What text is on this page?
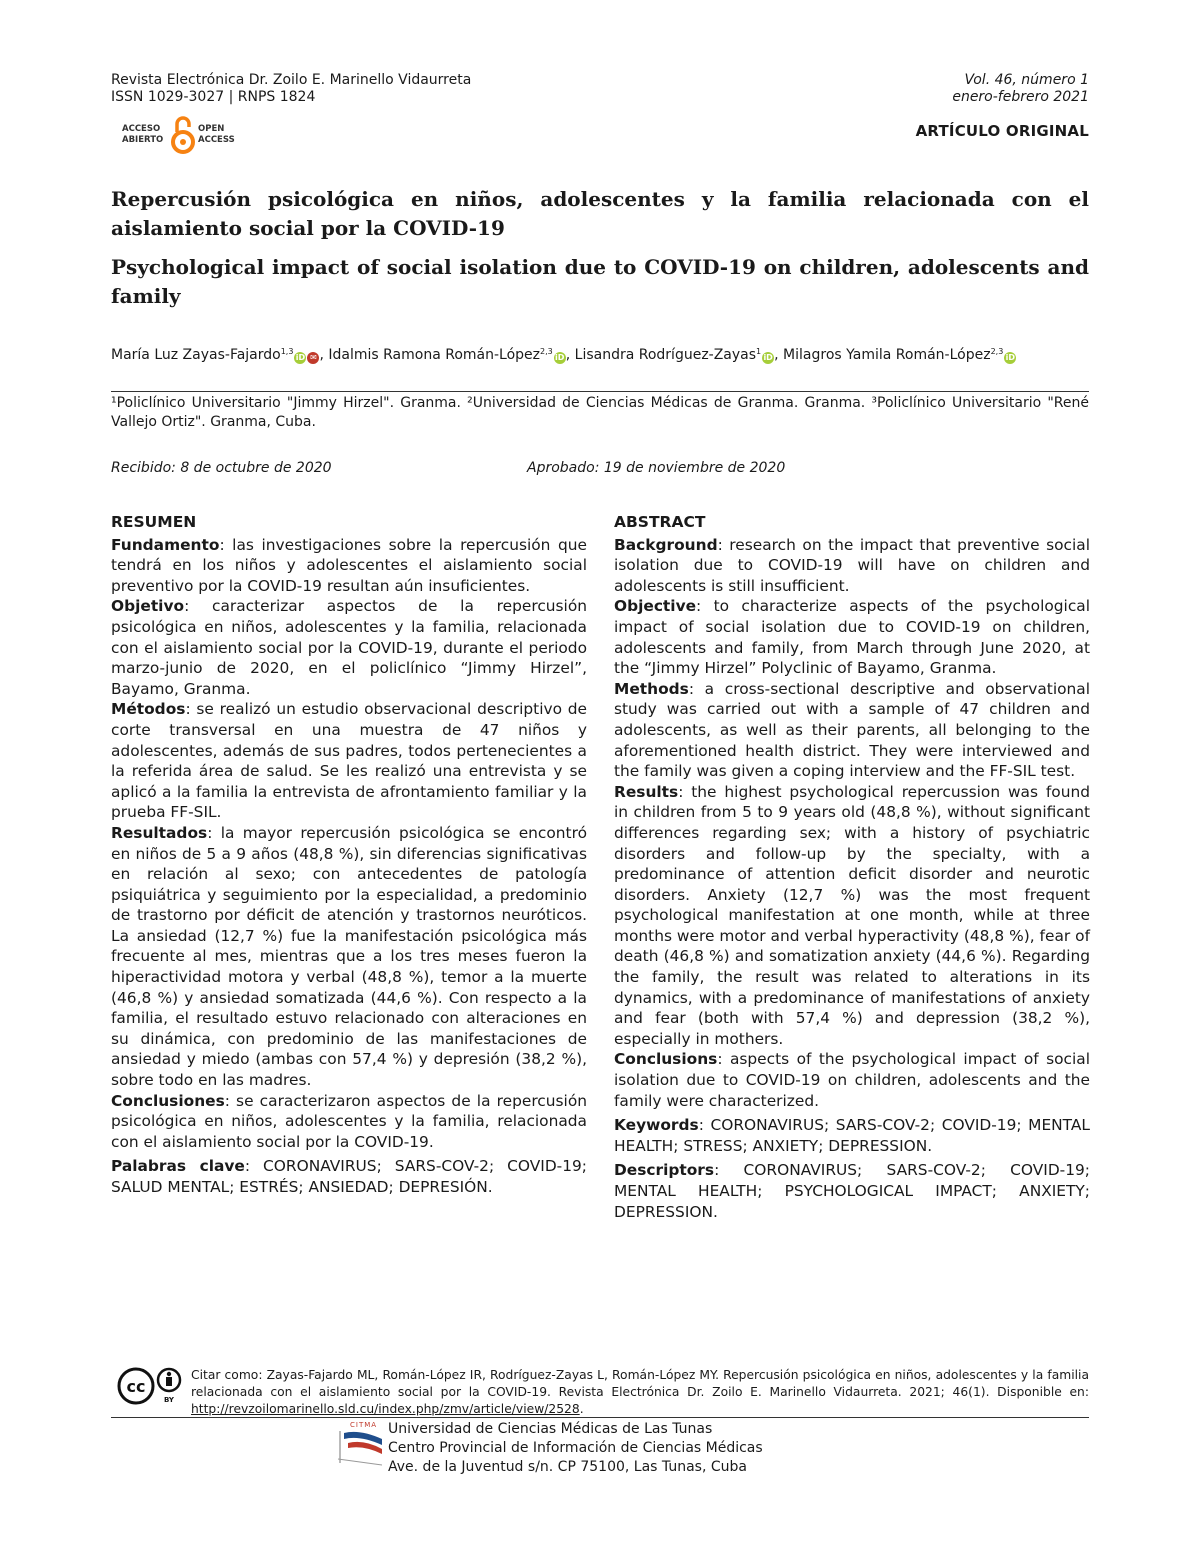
Revista Electrónica Dr. Zoilo E. Marinello Vidaurreta
ISSN 1029-3027 | RNPS 1824
Vol. 46, número 1
enero-febrero 2021
ACCESO
ABIERTO
OPEN
ACCESS	ARTÍCULO ORIGINAL
Repercusión psicológica en niños, adolescentes y la familia relacionada con el aislamiento social por la COVID-19
Psychological impact of social isolation due to COVID-19 on children, adolescents and family
María Luz Zayas-Fajardo$^{1,3}$iD ✉ , Idalmis Ramona Román-López$^{2,3}$iD, Lisandra Rodríguez-Zayas$^1$iD, Milagros Yamila Román-López$^{2,3}$iD
¹Policlínico Universitario "Jimmy Hirzel". Granma. ²Universidad de Ciencias Médicas de Granma. Granma. ³Policlínico Universitario "René Vallejo Ortiz". Granma, Cuba.
Recibido: 8 de octubre de 2020	Aprobado: 19 de noviembre de 2020
RESUMEN

Fundamento: las investigaciones sobre la repercusión que tendrá en los niños y adolescentes el aislamiento social preventivo por la COVID-19 resultan aún insuficientes.

Objetivo: caracterizar aspectos de la repercusión psicológica en niños, adolescentes y la familia, relacionada con el aislamiento social por la COVID-19, durante el periodo marzo-junio de 2020, en el policlínico “Jimmy Hirzel”, Bayamo, Granma.

Métodos: se realizó un estudio observacional descriptivo de corte transversal en una muestra de 47 niños y adolescentes, además de sus padres, todos pertenecientes a la referida área de salud. Se les realizó una entrevista y se aplicó a la familia la entrevista de afrontamiento familiar y la prueba FF-SIL.

Resultados: la mayor repercusión psicológica se encontró en niños de 5 a 9 años (48,8 %), sin diferencias significativas en relación al sexo; con antecedentes de patología psiquiátrica y seguimiento por la especialidad, a predominio de trastorno por déficit de atención y trastornos neuróticos. La ansiedad (12,7 %) fue la manifestación psicológica más frecuente al mes, mientras que a los tres meses fueron la hiperactividad motora y verbal (48,8 %), temor a la muerte (46,8 %) y ansiedad somatizada (44,6 %). Con respecto a la familia, el resultado estuvo relacionado con alteraciones en su dinámica, con predominio de las manifestaciones de ansiedad y miedo (ambas con 57,4 %) y depresión (38,2 %), sobre todo en las madres.

Conclusiones: se caracterizaron aspectos de la repercusión psicológica en niños, adolescentes y la familia, relacionada con el aislamiento social por la COVID-19.

Palabras clave: CORONAVIRUS; SARS-COV-2; COVID-19; SALUD MENTAL; ESTRÉS; ANSIEDAD; DEPRESIÓN.

ABSTRACT

Background: research on the impact that preventive social isolation due to COVID-19 will have on children and adolescents is still insufficient.

Objective: to characterize aspects of the psychological impact of social isolation due to COVID-19 on children, adolescents and family, from March through June 2020, at the “Jimmy Hirzel” Polyclinic of Bayamo, Granma.

Methods: a cross-sectional descriptive and observational study was carried out with a sample of 47 children and adolescents, as well as their parents, all belonging to the aforementioned health district. They were interviewed and the family was given a coping interview and the FF-SIL test.

Results: the highest psychological repercussion was found in children from 5 to 9 years old (48,8 %), without significant differences regarding sex; with a history of psychiatric disorders and follow-up by the specialty, with a predominance of attention deficit disorder and neurotic disorders. Anxiety (12,7 %) was the most frequent psychological manifestation at one month, while at three months were motor and verbal hyperactivity (48,8 %), fear of death (46,8 %) and somatization anxiety (44,6 %). Regarding the family, the result was related to alterations in its dynamics, with a predominance of manifestations of anxiety and fear (both with 57,4 %) and depression (38,2 %), especially in mothers.

Conclusions: aspects of the psychological impact of social isolation due to COVID-19 on children, adolescents and the family were characterized.

Keywords: CORONAVIRUS; SARS-COV-2; COVID-19; MENTAL HEALTH; STRESS; ANXIETY; DEPRESSION.

Descriptors: CORONAVIRUS; SARS-COV-2; COVID-19; MENTAL HEALTH; PSYCHOLOGICAL IMPACT; ANXIETY; DEPRESSION.

cc
BY
Citar como: Zayas-Fajardo ML, Román-López IR, Rodríguez-Zayas L, Román-López MY. Repercusión psicológica en niños, adolescentes y la familia relacionada con el aislamiento social por la COVID-19. Revista Electrónica Dr. Zoilo E. Marinello Vidaurreta. 2021; 46(1). Disponible en: http://revzoilomarinello.sld.cu/index.php/zmv/article/view/2528.
CITMA Universidad de Ciencias Médicas de Las Tunas
Centro Provincial de Información de Ciencias Médicas
Ave. de la Juventud s/n. CP 75100, Las Tunas, Cuba
